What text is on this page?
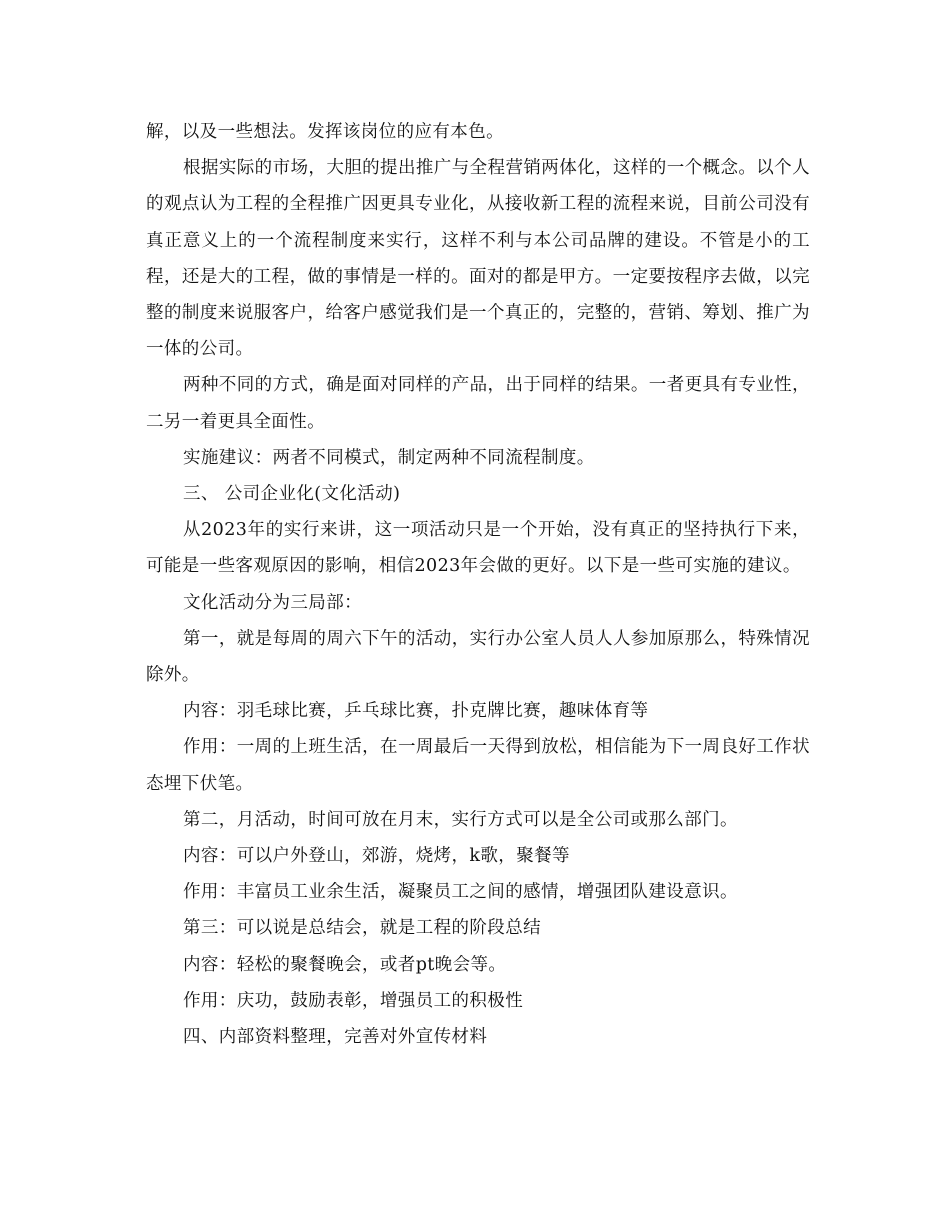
解，以及一些想法。发挥该岗位的应有本色。

根据实际的市场，大胆的提出推广与全程营销两体化，这样的一个概念。以个人的观点认为工程的全程推广因更具专业化，从接收新工程的流程来说，目前公司没有真正意义上的一个流程制度来实行，这样不利与本公司品牌的建设。不管是小的工程，还是大的工程，做的事情是一样的。面对的都是甲方。一定要按程序去做，以完整的制度来说服客户，给客户感觉我们是一个真正的，完整的，营销、筹划、推广为一体的公司。

两种不同的方式，确是面对同样的产品，出于同样的结果。一者更具有专业性，二另一着更具全面性。

实施建议：两者不同模式，制定两种不同流程制度。

三、 公司企业化(文化活动)

从2023年的实行来讲，这一项活动只是一个开始，没有真正的坚持执行下来，可能是一些客观原因的影响，相信2023年会做的更好。以下是一些可实施的建议。

文化活动分为三局部：

第一，就是每周的周六下午的活动，实行办公室人员人人参加原那么，特殊情况除外。

内容：羽毛球比赛，乒乓球比赛，扑克牌比赛，趣味体育等

作用：一周的上班生活，在一周最后一天得到放松，相信能为下一周良好工作状态埋下伏笔。

第二，月活动，时间可放在月末，实行方式可以是全公司或那么部门。

内容：可以户外登山，郊游，烧烤，k歌，聚餐等

作用：丰富员工业余生活，凝聚员工之间的感情，增强团队建设意识。

第三：可以说是总结会，就是工程的阶段总结

内容：轻松的聚餐晚会，或者pt晚会等。

作用：庆功，鼓励表彰，增强员工的积极性

四、内部资料整理，完善对外宣传材料
